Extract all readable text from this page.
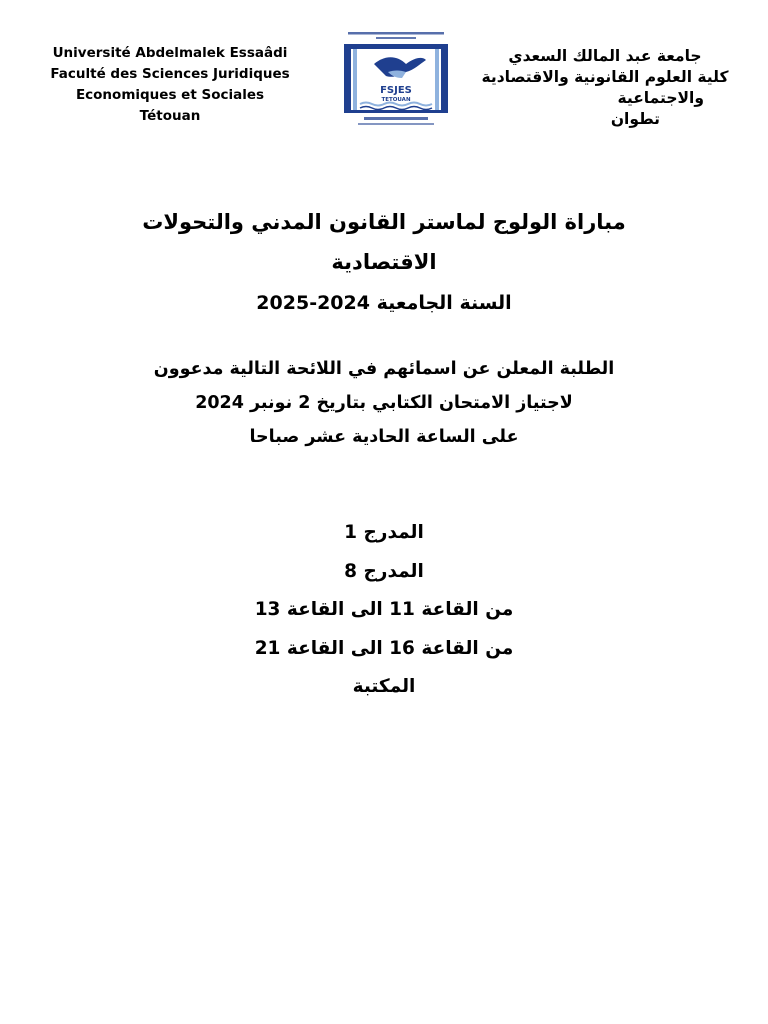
Université Abdelmalek Essaâdi
Faculté des Sciences Juridiques
Economiques et Sociales
Tétouan
FSJES
TETOUAN
جامعة عبد المالك السعدي
كلية العلوم القانونية والاقتصادية
والاجتماعية
تطوان
مباراة الولوج لماستر القانون المدني والتحولات
الاقتصادية
السنة الجامعية 2024-2025
الطلبة المعلن عن اسمائهم في اللائحة التالية مدعوون
لاجتياز الامتحان الكتابي بتاريخ 2 نونبر 2024
على الساعة الحادية عشر صباحا
المدرج 1
المدرج 8
من القاعة 11 الى القاعة 13
من القاعة 16 الى القاعة 21
المكتبة
